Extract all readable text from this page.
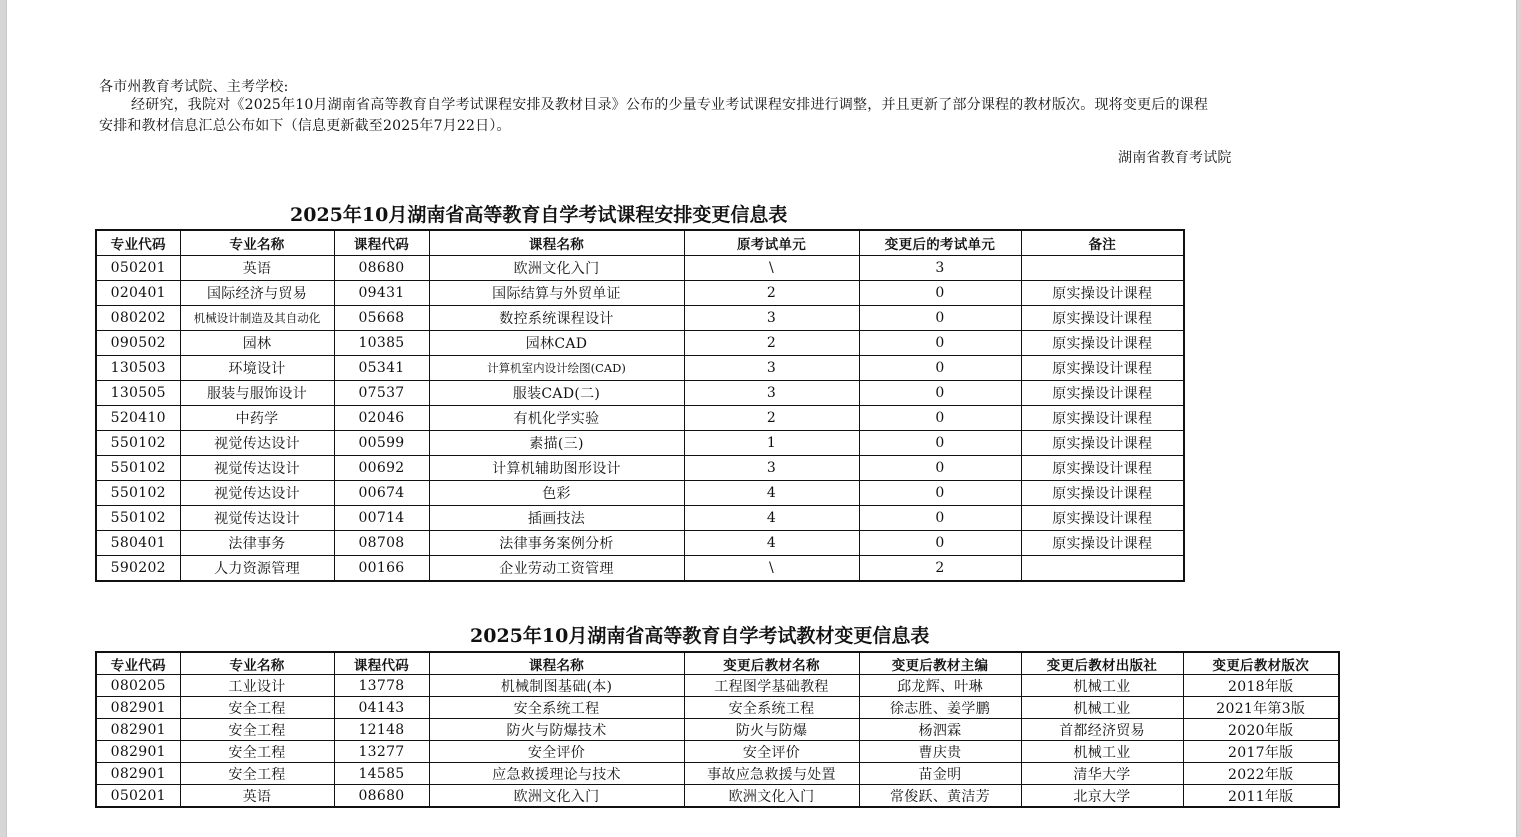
各市州教育考试院、主考学校:
经研究，我院对《2025年10月湖南省高等教育自学考试课程安排及教材目录》公布的少量专业考试课程安排进行调整，并且更新了部分课程的教材版次。现将变更后的课程
安排和教材信息汇总公布如下（信息更新截至2025年7月22日）。
湖南省教育考试院
2025年10月湖南省高等教育自学考试课程安排变更信息表
专业代码	专业名称	课程代码	课程名称	原考试单元	变更后的考试单元	备注
050201	英语	08680	欧洲文化入门	\	3	
020401	国际经济与贸易	09431	国际结算与外贸单证	2	0	原实操设计课程
080202	机械设计制造及其自动化	05668	数控系统课程设计	3	0	原实操设计课程
090502	园林	10385	园林CAD	2	0	原实操设计课程
130503	环境设计	05341	计算机室内设计绘图(CAD)	3	0	原实操设计课程
130505	服装与服饰设计	07537	服装CAD(二)	3	0	原实操设计课程
520410	中药学	02046	有机化学实验	2	0	原实操设计课程
550102	视觉传达设计	00599	素描(三)	1	0	原实操设计课程
550102	视觉传达设计	00692	计算机辅助图形设计	3	0	原实操设计课程
550102	视觉传达设计	00674	色彩	4	0	原实操设计课程
550102	视觉传达设计	00714	插画技法	4	0	原实操设计课程
580401	法律事务	08708	法律事务案例分析	4	0	原实操设计课程
590202	人力资源管理	00166	企业劳动工资管理	\	2	
2025年10月湖南省高等教育自学考试教材变更信息表
专业代码	专业名称	课程代码	课程名称	变更后教材名称	变更后教材主编	变更后教材出版社	变更后教材版次
080205	工业设计	13778	机械制图基础(本)	工程图学基础教程	邱龙辉、叶琳	机械工业	2018年版
082901	安全工程	04143	安全系统工程	安全系统工程	徐志胜、姜学鹏	机械工业	2021年第3版
082901	安全工程	12148	防火与防爆技术	防火与防爆	杨泗霖	首都经济贸易	2020年版
082901	安全工程	13277	安全评价	安全评价	曹庆贵	机械工业	2017年版
082901	安全工程	14585	应急救援理论与技术	事故应急救援与处置	苗金明	清华大学	2022年版
050201	英语	08680	欧洲文化入门	欧洲文化入门	常俊跃、黄洁芳	北京大学	2011年版
